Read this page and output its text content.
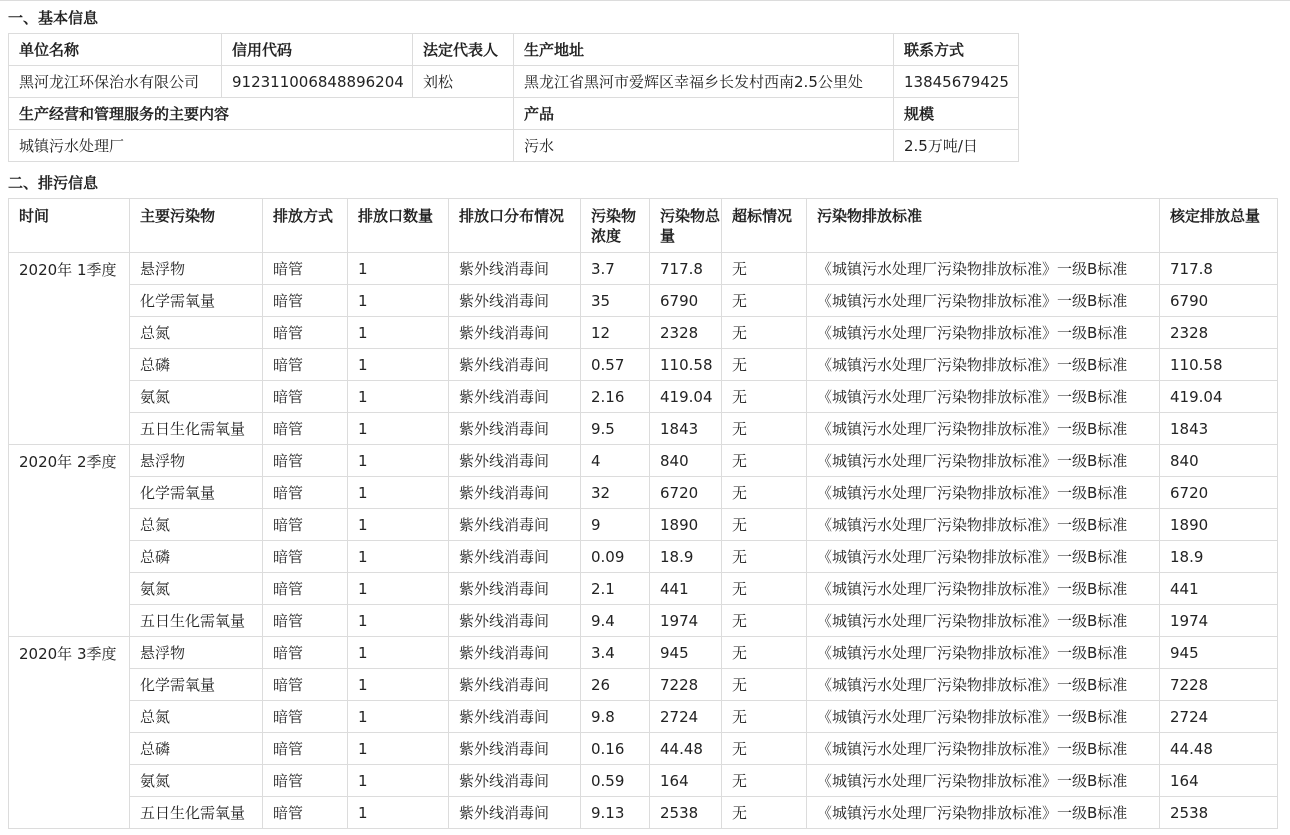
一、基本信息
单位名称	信用代码	法定代表人	生产地址	联系方式
黑河龙江环保治水有限公司	912311006848896204	刘松	黑龙江省黑河市爱辉区幸福乡长发村西南2.5公里处	13845679425
生产经营和管理服务的主要内容			产品	规模
城镇污水处理厂			污水	2.5万吨/日
二、排污信息
时间	主要污染物	排放方式	排放口数量	排放口分布情况	污染物浓度	污染物总量	超标情况	污染物排放标准	核定排放总量

2020年 1季度	悬浮物	暗管	1	紫外线消毒间	3.7	717.8	无	《城镇污水处理厂污染物排放标准》一级B标准	717.8
	化学需氧量	暗管	1	紫外线消毒间	35	6790	无	《城镇污水处理厂污染物排放标准》一级B标准	6790
	总氮	暗管	1	紫外线消毒间	12	2328	无	《城镇污水处理厂污染物排放标准》一级B标准	2328
	总磷	暗管	1	紫外线消毒间	0.57	110.58	无	《城镇污水处理厂污染物排放标准》一级B标准	110.58
	氨氮	暗管	1	紫外线消毒间	2.16	419.04	无	《城镇污水处理厂污染物排放标准》一级B标准	419.04
	五日生化需氧量	暗管	1	紫外线消毒间	9.5	1843	无	《城镇污水处理厂污染物排放标准》一级B标准	1843

2020年 2季度	悬浮物	暗管	1	紫外线消毒间	4	840	无	《城镇污水处理厂污染物排放标准》一级B标准	840
	化学需氧量	暗管	1	紫外线消毒间	32	6720	无	《城镇污水处理厂污染物排放标准》一级B标准	6720
	总氮	暗管	1	紫外线消毒间	9	1890	无	《城镇污水处理厂污染物排放标准》一级B标准	1890
	总磷	暗管	1	紫外线消毒间	0.09	18.9	无	《城镇污水处理厂污染物排放标准》一级B标准	18.9
	氨氮	暗管	1	紫外线消毒间	2.1	441	无	《城镇污水处理厂污染物排放标准》一级B标准	441
	五日生化需氧量	暗管	1	紫外线消毒间	9.4	1974	无	《城镇污水处理厂污染物排放标准》一级B标准	1974

2020年 3季度	悬浮物	暗管	1	紫外线消毒间	3.4	945	无	《城镇污水处理厂污染物排放标准》一级B标准	945
	化学需氧量	暗管	1	紫外线消毒间	26	7228	无	《城镇污水处理厂污染物排放标准》一级B标准	7228
	总氮	暗管	1	紫外线消毒间	9.8	2724	无	《城镇污水处理厂污染物排放标准》一级B标准	2724
	总磷	暗管	1	紫外线消毒间	0.16	44.48	无	《城镇污水处理厂污染物排放标准》一级B标准	44.48
	氨氮	暗管	1	紫外线消毒间	0.59	164	无	《城镇污水处理厂污染物排放标准》一级B标准	164
	五日生化需氧量	暗管	1	紫外线消毒间	9.13	2538	无	《城镇污水处理厂污染物排放标准》一级B标准	2538
